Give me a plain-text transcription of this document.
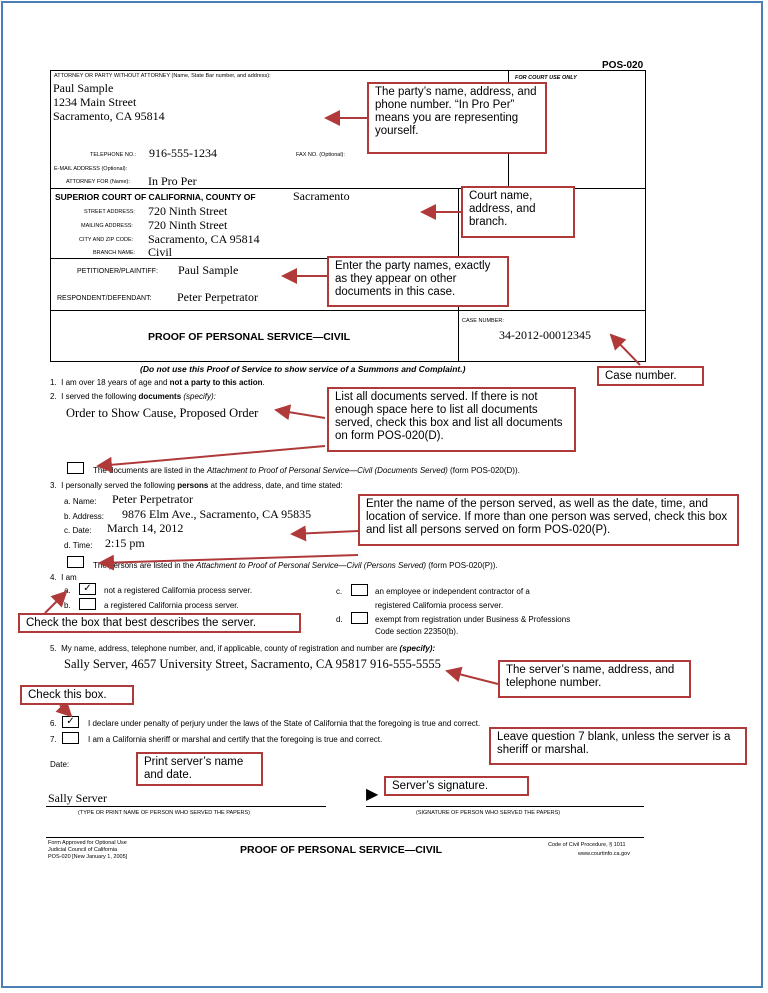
POS-020
ATTORNEY OR PARTY WITHOUT ATTORNEY (Name, State Bar number, and address):	FOR COURT USE ONLY
Paul Sample
1234 Main Street
Sacramento, CA 95814
TELEPHONE NO.: 916-555-1234	FAX NO. (Optional):
E-MAIL ADDRESS (Optional):
ATTORNEY FOR (Name): In Pro Per
SUPERIOR COURT OF CALIFORNIA, COUNTY OF	Sacramento
STREET ADDRESS: 720 Ninth Street
MAILING ADDRESS: 720 Ninth Street
CITY AND ZIP CODE: Sacramento, CA 95814
BRANCH NAME: Civil
PETITIONER/PLAINTIFF: Paul Sample
RESPONDENT/DEFENDANT: Peter Perpetrator
PROOF OF PERSONAL SERVICE—CIVIL
CASE NUMBER:
34-2012-00012345
(Do not use this Proof of Service to show service of a Summons and Complaint.)
1. I am over 18 years of age and not a party to this action.
2. I served the following documents (specify):
Order to Show Cause, Proposed Order
The documents are listed in the Attachment to Proof of Personal Service—Civil (Documents Served) (form POS-020(D)).
3. I personally served the following persons at the address, date, and time stated:
a. Name: Peter Perpetrator
b. Address: 9876 Elm Ave., Sacramento, CA 95835
c. Date: March 14, 2012
d. Time: 2:15 pm
The persons are listed in the Attachment to Proof of Personal Service—Civil (Persons Served) (form POS-020(P)).
4. I am
a.	✓	not a registered California process server.
b.	a registered California process server.
c.	an employee or independent contractor of a
registered California process server.
d.	exempt from registration under Business & Professions
Code section 22350(b).
5. My name, address, telephone number, and, if applicable, county of registration and number are (specify):
Sally Server, 4657 University Street, Sacramento, CA 95817 916-555-5555
6. ✓	I declare under penalty of perjury under the laws of the State of California that the foregoing is true and correct.
7.	I am a California sheriff or marshal and certify that the foregoing is true and correct.
Date:
Sally Server
(TYPE OR PRINT NAME OF PERSON WHO SERVED THE PAPERS)
▶
(SIGNATURE OF PERSON WHO SERVED THE PAPERS)
Form Approved for Optional Use
Judicial Council of California
POS-020 [New January 1, 2005]
PROOF OF PERSONAL SERVICE—CIVIL	Code of Civil Procedure, § 1011
www.courtinfo.ca.gov
The party’s name, address, and phone number. “In Pro Per” means you are representing yourself.
Court name, address, and branch.
Enter the party names, exactly as they appear on other documents in this case.
Case number.
List all documents served. If there is not enough space here to list all documents served, check this box and list all documents on form POS-020(D).
Enter the name of the person served, as well as the date, time, and location of service. If more than one person was served, check this box and list all persons served on form POS-020(P).
Check the box that best describes the server.
The server’s name, address, and telephone number.
Check this box.
Leave question 7 blank, unless the server is a sheriff or marshal.
Print server’s name and date.
Server’s signature.
